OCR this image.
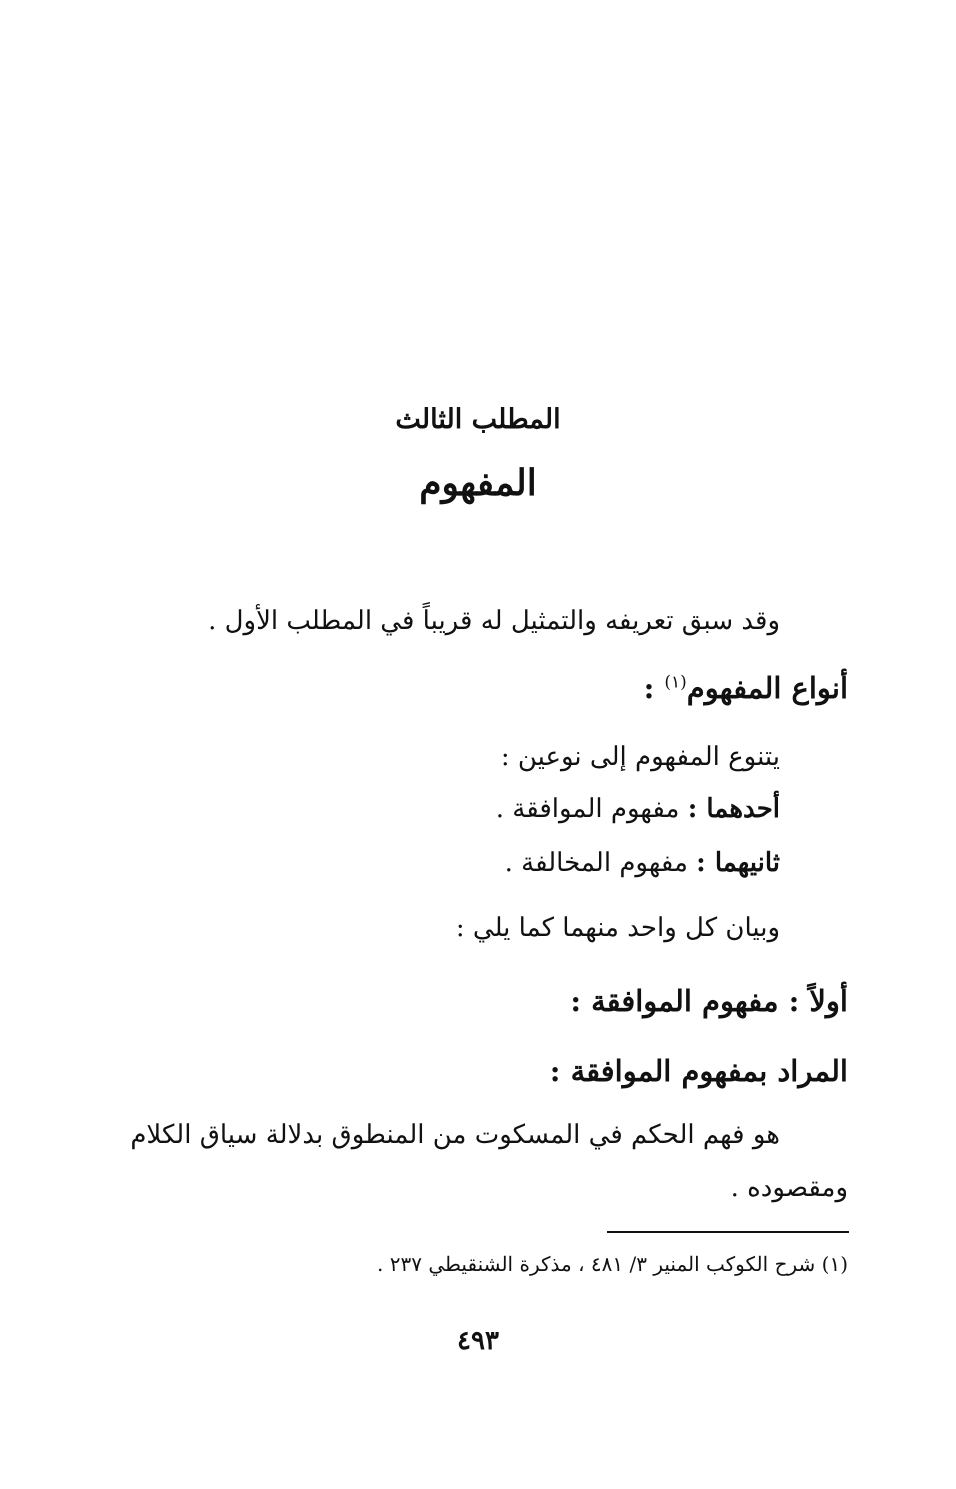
المطلب الثالث
المفهوم
وقد سبق تعريفه والتمثيل له قريباً في المطلب الأول .
أنواع المفهوم$^{(١)}$ :
يتنوع المفهوم إلى نوعين :
أحدهما : مفهوم الموافقة .
ثانيهما : مفهوم المخالفة .
وبيان كل واحد منهما كما يلي :
أولاً : مفهوم الموافقة :
المراد بمفهوم الموافقة :
هو فهم الحكم في المسكوت من المنطوق بدلالة سياق الكلام
ومقصوده .
(١) شرح الكوكب المنير ٣/ ٤٨١ ، مذكرة الشنقيطي ٢٣٧ .
٤٩٣
